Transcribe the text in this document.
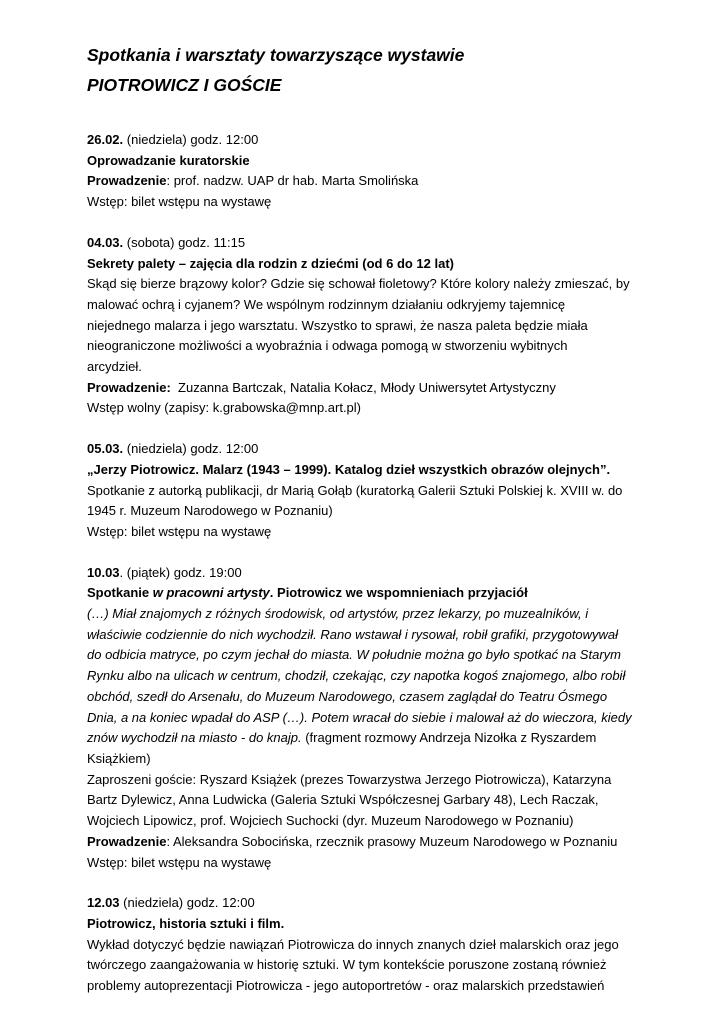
Spotkania i warsztaty towarzyszące wystawie

PIOTROWICZ I GOŚCIE

26.02. (niedziela) godz. 12:00
Oprowadzanie kuratorskie
Prowadzenie: prof. nadzw. UAP dr hab. Marta Smolińska
Wstęp: bilet wstępu na wystawę
04.03. (sobota) godz. 11:15
Sekrety palety – zajęcia dla rodzin z dziećmi (od 6 do 12 lat)
Skąd się bierze brązowy kolor? Gdzie się schował fioletowy? Które kolory należy zmieszać, by
malować ochrą i cyjanem? We wspólnym rodzinnym działaniu odkryjemy tajemnicę
niejednego malarza i jego warsztatu. Wszystko to sprawi, że nasza paleta będzie miała
nieograniczone możliwości a wyobraźnia i odwaga pomogą w stworzeniu wybitnych
arcydzieł.
Prowadzenie:  Zuzanna Bartczak, Natalia Kołacz, Młody Uniwersytet Artystyczny
Wstęp wolny (zapisy: k.grabowska@mnp.art.pl)
05.03. (niedziela) godz. 12:00
„Jerzy Piotrowicz. Malarz (1943 – 1999). Katalog dzieł wszystkich obrazów olejnych”.
Spotkanie z autorką publikacji, dr Marią Gołąb (kuratorką Galerii Sztuki Polskiej k. XVIII w. do
1945 r. Muzeum Narodowego w Poznaniu)
Wstęp: bilet wstępu na wystawę
10.03. (piątek) godz. 19:00
Spotkanie w pracowni artysty. Piotrowicz we wspomnieniach przyjaciół
(…) Miał znajomych z różnych środowisk, od artystów, przez lekarzy, po muzealników, i
właściwie codziennie do nich wychodził. Rano wstawał i rysował, robił grafiki, przygotowywał
do odbicia matryce, po czym jechał do miasta. W południe można go było spotkać na Starym
Rynku albo na ulicach w centrum, chodził, czekając, czy napotka kogoś znajomego, albo robił
obchód, szedł do Arsenału, do Muzeum Narodowego, czasem zaglądał do Teatru Ósmego
Dnia, a na koniec wpadał do ASP (…). Potem wracał do siebie i malował aż do wieczora, kiedy
znów wychodził na miasto - do knajp. (fragment rozmowy Andrzeja Nizołka z Ryszardem
Książkiem)
Zaproszeni goście: Ryszard Książek (prezes Towarzystwa Jerzego Piotrowicza), Katarzyna
Bartz Dylewicz, Anna Ludwicka (Galeria Sztuki Współczesnej Garbary 48), Lech Raczak,
Wojciech Lipowicz, prof. Wojciech Suchocki (dyr. Muzeum Narodowego w Poznaniu)
Prowadzenie: Aleksandra Sobocińska, rzecznik prasowy Muzeum Narodowego w Poznaniu
Wstęp: bilet wstępu na wystawę
12.03 (niedziela) godz. 12:00
Piotrowicz, historia sztuki i film.
Wykład dotyczyć będzie nawiązań Piotrowicza do innych znanych dzieł malarskich oraz jego
twórczego zaangażowania w historię sztuki. W tym kontekście poruszone zostaną również
problemy autoprezentacji Piotrowicza - jego autoportretów - oraz malarskich przedstawień
